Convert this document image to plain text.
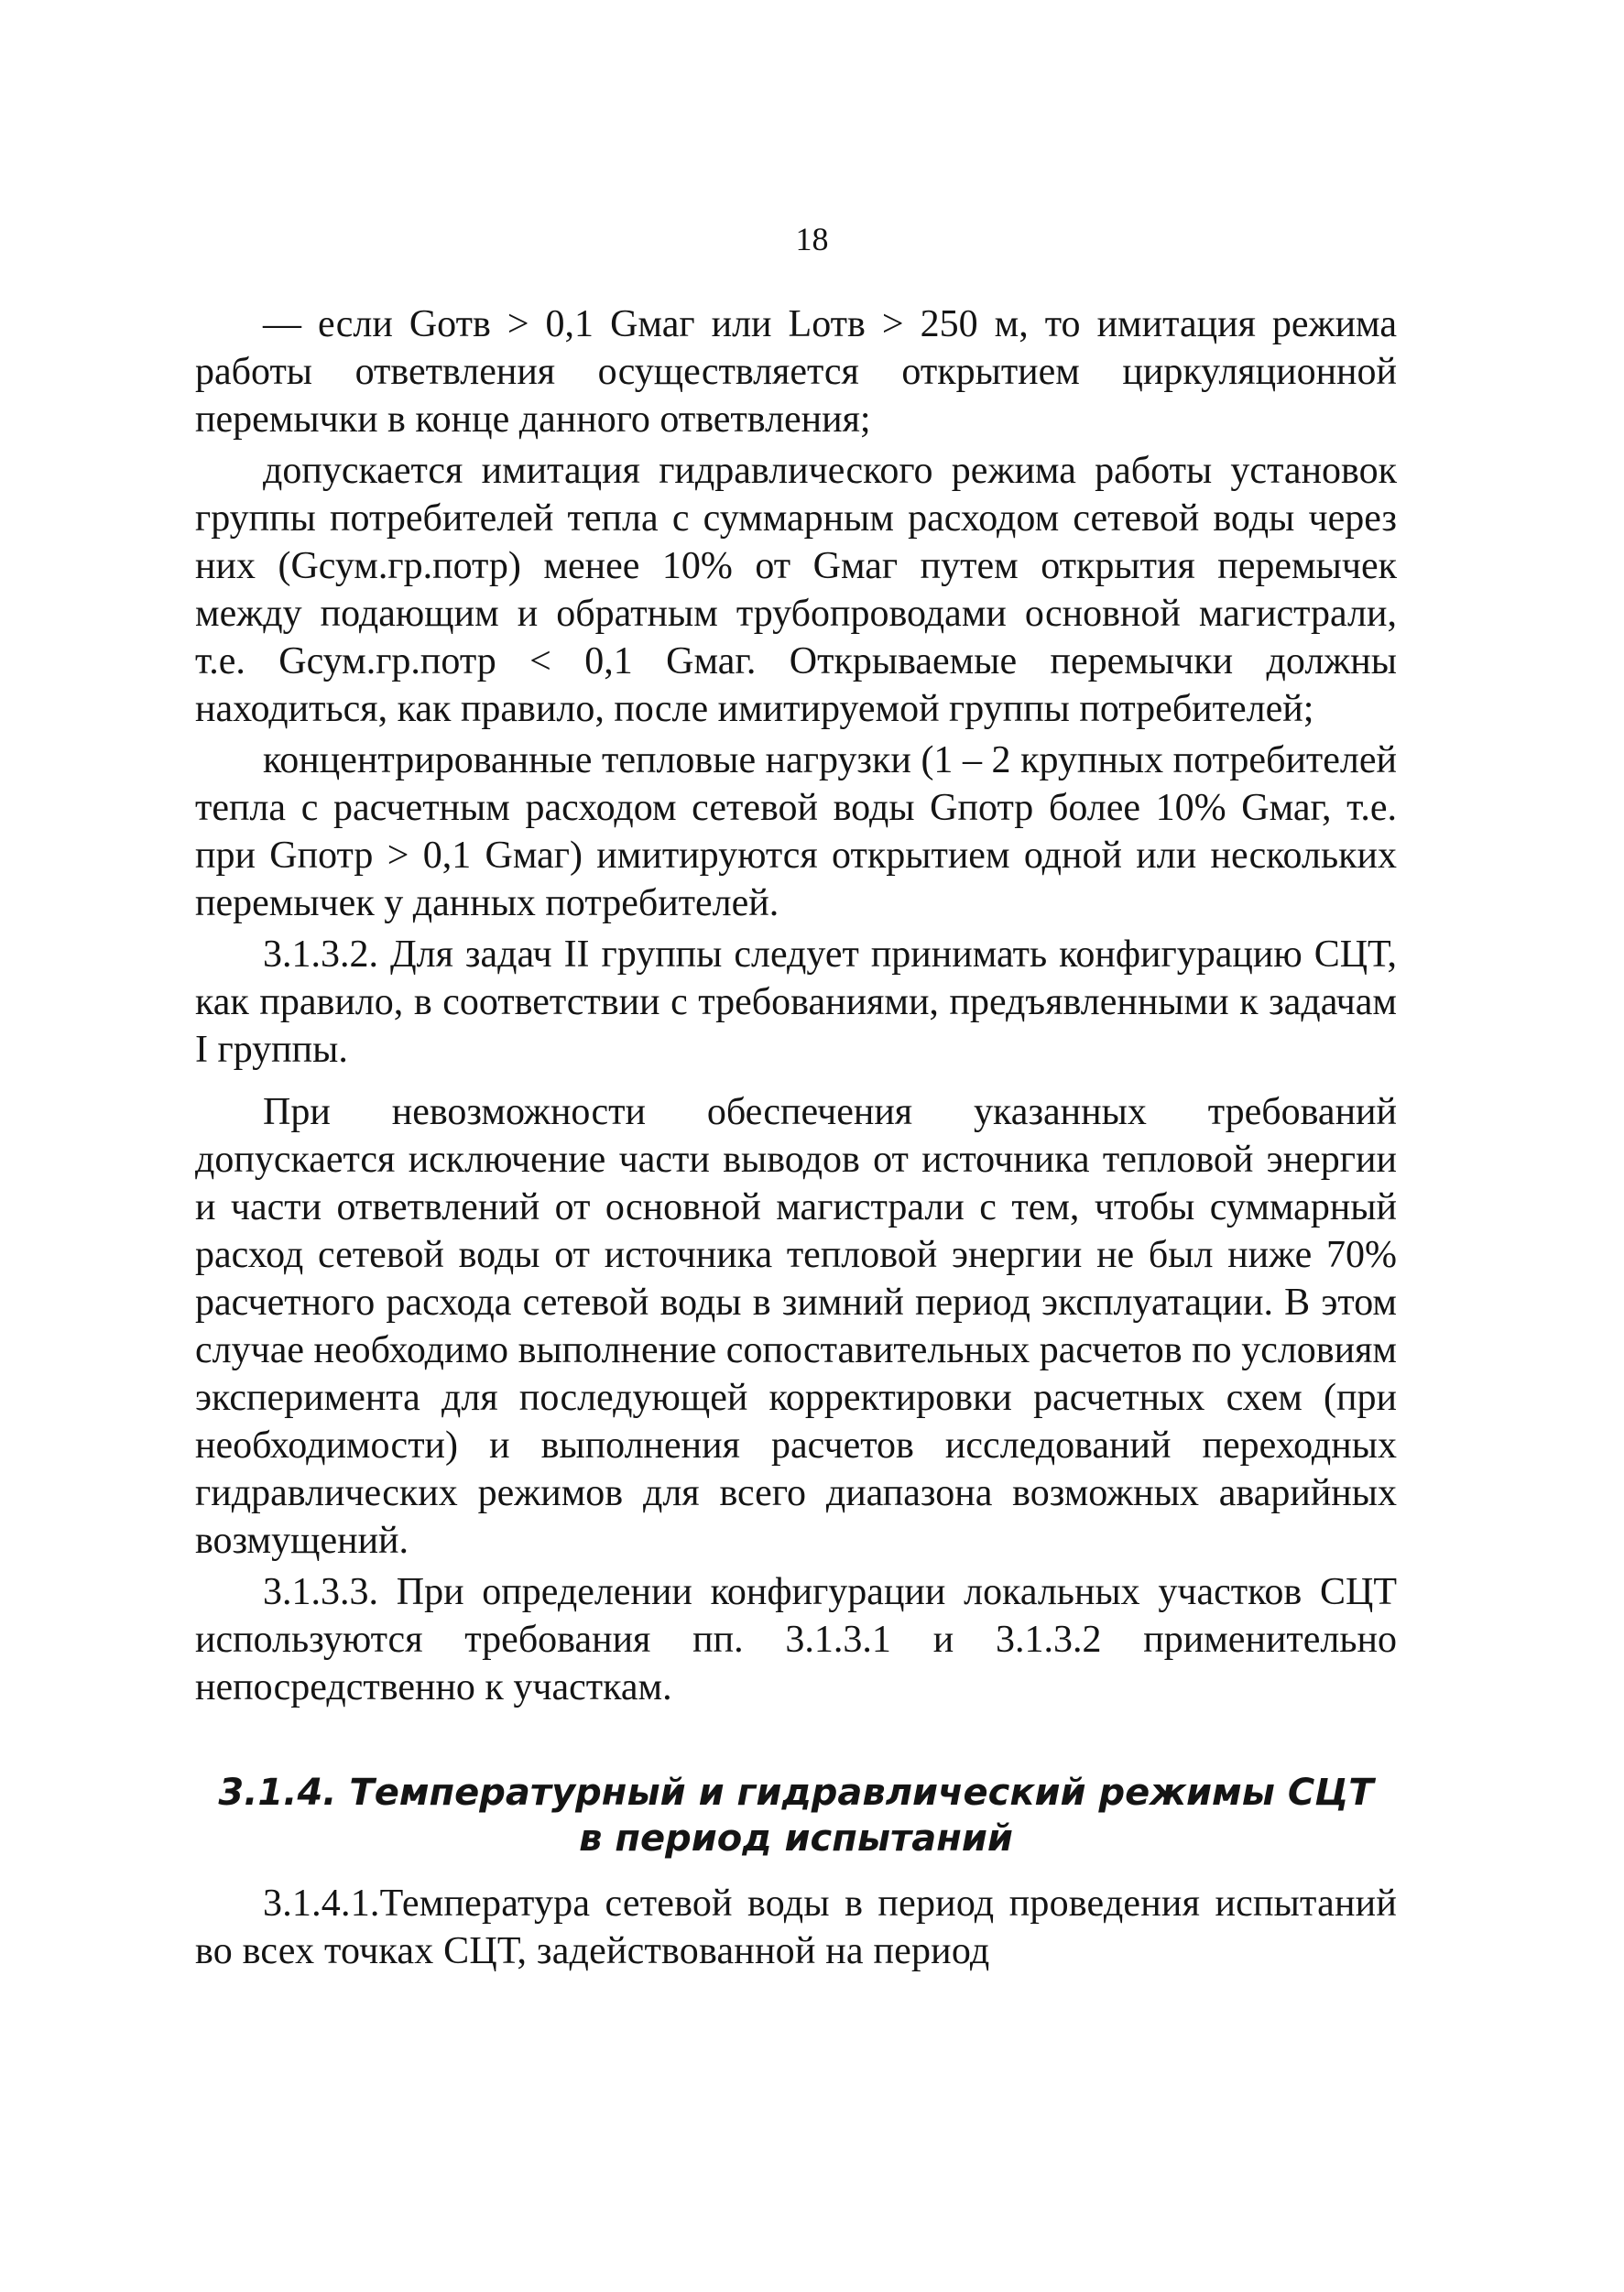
18

— если Gотв > 0,1 Gмаг или Lотв > 250 м, то имитация режима работы ответвления осуществляется открытием циркуляционной перемычки в конце данного ответвления;

допускается имитация гидравлического режима работы установок группы потребителей тепла с суммарным расходом сетевой воды через них (Gсум.гр.потр) менее 10% от Gмаг путем открытия перемычек между подающим и обратным трубопроводами основной магистрали, т.е. Gсум.гр.потр < 0,1 Gмаг. Открываемые перемычки должны находиться, как правило, после имитируемой группы потребителей;

концентрированные тепловые нагрузки (1 – 2 крупных потребителей тепла с расчетным расходом сетевой воды Gпотр более 10% Gмаг, т.е. при Gпотр > 0,1 Gмаг) имитируются открытием одной или нескольких перемычек у данных потребителей.

3.1.3.2. Для задач II группы следует принимать конфигурацию СЦТ, как правило, в соответствии с требованиями, предъявленными к задачам I группы.

При невозможности обеспечения указанных требований допускается исключение части выводов от источника тепловой энергии и части ответвлений от основной магистрали с тем, чтобы суммарный расход сетевой воды от источника тепловой энергии не был ниже 70% расчетного расхода сетевой воды в зимний период эксплуатации. В этом случае необходимо выполнение сопоставительных расчетов по условиям эксперимента для последующей корректировки расчетных схем (при необходимости) и выполнения расчетов исследований переходных гидравлических режимов для всего диапазона возможных аварийных возмущений.

3.1.3.3. При определении конфигурации локальных участков СЦТ используются требования пп. 3.1.3.1 и 3.1.3.2 применительно непосредственно к участкам.

3.1.4. Температурный и гидравлический режимы СЦТ
в период испытаний

3.1.4.1.Температура сетевой воды в период проведения испытаний во всех точках СЦТ, задействованной на период
